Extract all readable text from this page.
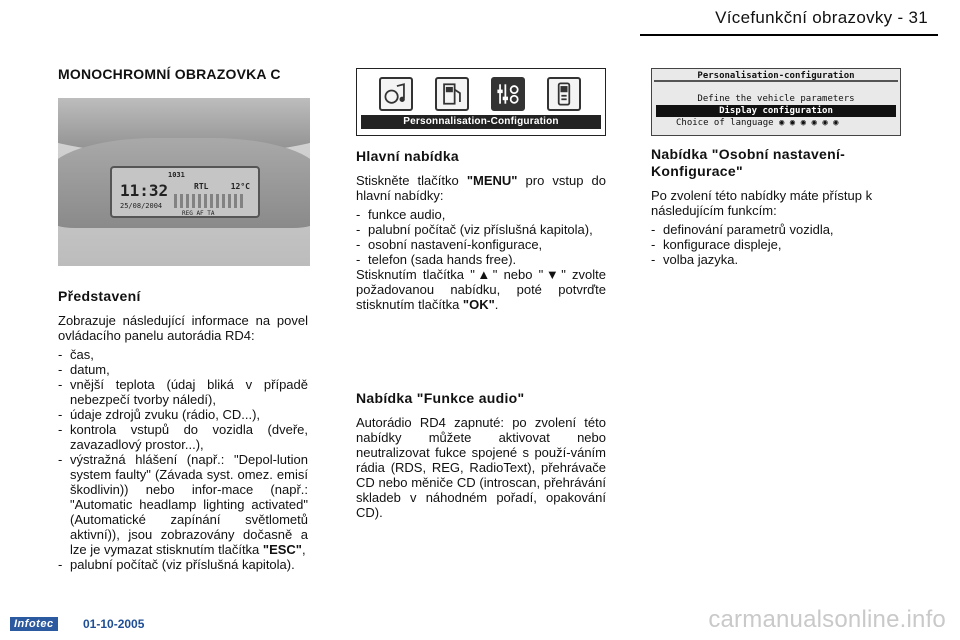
Vícefunkční obrazovky - 31
MONOCHROMNÍ OBRAZOVKA C
1031
11:32
25/08/2004
RTL	12°C
REG AF TA
Představení

Zobrazuje následující informace na povel ovládacího panelu autorádia RD4:

- čas,
- datum,
- vnější teplota (údaj bliká v případě nebezpečí tvorby náledí),
- údaje zdrojů zvuku (rádio, CD...),
- kontrola vstupů do vozidla (dveře, zavazadlový prostor...),
- výstražná hlášení (např.: "Depol-lution system faulty" (Závada syst. omez. emisí škodlivin)) nebo infor-mace (např.: "Automatic headlamp lighting activated" (Automatické zapínání světlometů aktivní)), jsou zobrazovány dočasně a lze je vymazat stisknutím tlačítka "ESC",
- palubní počítač (viz příslušná kapitola).
Personnalisation-Configuration
Hlavní nabídka

Stiskněte tlačítko "MENU" pro vstup do hlavní nabídky:

- funkce audio,
- palubní počítač (viz příslušná kapitola),
- osobní nastavení-konfigurace,
- telefon (sada hands free).

Stisknutím tlačítka "▲" nebo "▼" zvolte požadovanou nabídku, poté potvrďte stisknutím tlačítka "OK".

Nabídka "Funkce audio"

Autorádio RD4 zapnuté: po zvolení této nabídky můžete aktivovat nebo neutralizovat fukce spojené s použí-váním rádia (RDS, REG, RadioText), přehrávače CD nebo měniče CD (introscan, přehrávání skladeb v náhodném pořadí, opakování CD).

Personalisation-configuration
Define the vehicle parameters
Display configuration
Choice of language ◉ ◉ ◉ ◉ ◉ ◉
Nabídka "Osobní nastavení-Konfigurace"

Po zvolení této nabídky máte přístup k následujícím funkcím:

- definování parametrů vozidla,
- konfigurace displeje,
- volba jazyka.
Infotec	01-10-2005	carmanualsonline.info
